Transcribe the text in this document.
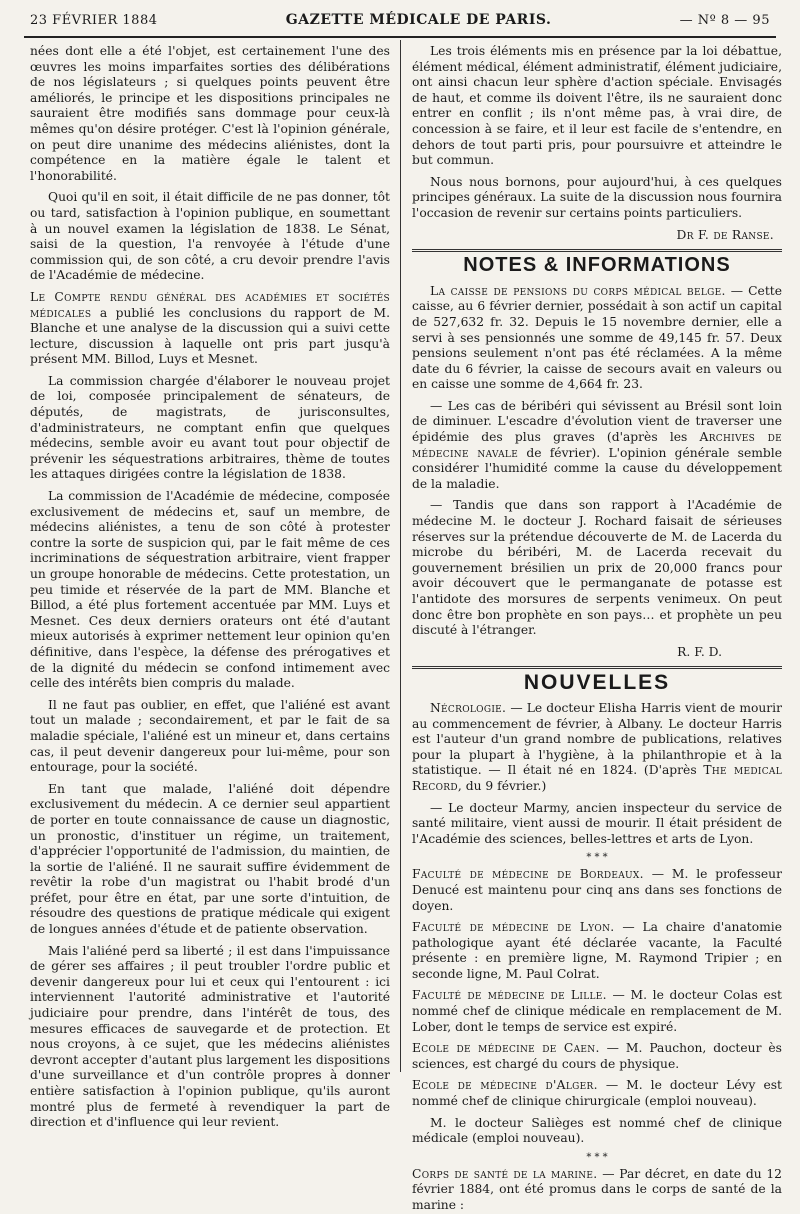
23 FÉVRIER 1884	GAZETTE MÉDICALE DE PARIS.	— Nº 8 — 95

nées dont elle a été l'objet, est certainement l'une des œuvres les moins imparfaites sorties des délibérations de nos législateurs ; si quelques points peuvent être améliorés, le principe et les dispositions principales ne sauraient être modifiés sans dommage pour ceux-là mêmes qu'on désire protéger. C'est là l'opinion générale, on peut dire unanime des médecins aliénistes, dont la compétence en la matière égale le talent et l'honorabilité.

Quoi qu'il en soit, il était difficile de ne pas donner, tôt ou tard, satisfaction à l'opinion publique, en soumettant à un nouvel examen la législation de 1838. Le Sénat, saisi de la question, l'a renvoyée à l'étude d'une commission qui, de son côté, a cru devoir prendre l'avis de l'Académie de médecine.

Le Compte rendu général des académies et sociétés médicales a publié les conclusions du rapport de M. Blanche et une analyse de la discussion qui a suivi cette lecture, discussion à laquelle ont pris part jusqu'à présent MM. Billod, Luys et Mesnet.

La commission chargée d'élaborer le nouveau projet de loi, composée principalement de sénateurs, de députés, de magistrats, de jurisconsultes, d'administrateurs, ne comptant enfin que quelques médecins, semble avoir eu avant tout pour objectif de prévenir les séquestrations arbitraires, thème de toutes les attaques dirigées contre la législation de 1838.

La commission de l'Académie de médecine, composée exclusivement de médecins et, sauf un membre, de médecins aliénistes, a tenu de son côté à protester contre la sorte de suspicion qui, par le fait même de ces incriminations de séquestration arbitraire, vient frapper un groupe honorable de médecins. Cette protestation, un peu timide et réservée de la part de MM. Blanche et Billod, a été plus fortement accentuée par MM. Luys et Mesnet. Ces deux derniers orateurs ont été d'autant mieux autorisés à exprimer nettement leur opinion qu'en définitive, dans l'espèce, la défense des prérogatives et de la dignité du médecin se confond intimement avec celle des intérêts bien compris du malade.

Il ne faut pas oublier, en effet, que l'aliéné est avant tout un malade ; secondairement, et par le fait de sa maladie spéciale, l'aliéné est un mineur et, dans certains cas, il peut devenir dangereux pour lui-même, pour son entourage, pour la société.

En tant que malade, l'aliéné doit dépendre exclusivement du médecin. A ce dernier seul appartient de porter en toute connaissance de cause un diagnostic, un pronostic, d'instituer un régime, un traitement, d'apprécier l'opportunité de l'admission, du maintien, de la sortie de l'aliéné. Il ne saurait suffire évidemment de revêtir la robe d'un magistrat ou l'habit brodé d'un préfet, pour être en état, par une sorte d'intuition, de résoudre des questions de pratique médicale qui exigent de longues années d'étude et de patiente observation.

Mais l'aliéné perd sa liberté ; il est dans l'impuissance de gérer ses affaires ; il peut troubler l'ordre public et devenir dangereux pour lui et ceux qui l'entourent : ici interviennent l'autorité administrative et l'autorité judiciaire pour prendre, dans l'intérêt de tous, des mesures efficaces de sauvegarde et de protection. Et nous croyons, à ce sujet, que les médecins aliénistes devront accepter d'autant plus largement les dispositions d'une surveillance et d'un contrôle propres à donner entière satisfaction à l'opinion publique, qu'ils auront montré plus de fermeté à revendiquer la part de direction et d'influence qui leur revient.

Les trois éléments mis en présence par la loi débattue, élément médical, élément administratif, élément judiciaire, ont ainsi chacun leur sphère d'action spéciale. Envisagés de haut, et comme ils doivent l'être, ils ne sauraient donc entrer en conflit ; ils n'ont même pas, à vrai dire, de concession à se faire, et il leur est facile de s'entendre, en dehors de tout parti pris, pour poursuivre et atteindre le but commun.

Nous nous bornons, pour aujourd'hui, à ces quelques principes généraux. La suite de la discussion nous fournira l'occasion de revenir sur certains points particuliers.

Dr F. de Ranse.
NOTES & INFORMATIONS

La caisse de pensions du corps médical belge. — Cette caisse, au 6 février dernier, possédait à son actif un capital de 527,632 fr. 32. Depuis le 15 novembre dernier, elle a servi à ses pensionnés une somme de 49,145 fr. 57. Deux pensions seulement n'ont pas été réclamées. A la même date du 6 février, la caisse de secours avait en valeurs ou en caisse une somme de 4,664 fr. 23.

— Les cas de béribéri qui sévissent au Brésil sont loin de diminuer. L'escadre d'évolution vient de traverser une épidémie des plus graves (d'après les Archives de médecine navale de février). L'opinion générale semble considérer l'humidité comme la cause du développement de la maladie.

— Tandis que dans son rapport à l'Académie de médecine M. le docteur J. Rochard faisait de sérieuses réserves sur la prétendue découverte de M. de Lacerda du microbe du béribéri, M. de Lacerda recevait du gouvernement brésilien un prix de 20,000 francs pour avoir découvert que le permanganate de potasse est l'antidote des morsures de serpents venimeux. On peut donc être bon prophète en son pays… et prophète un peu discuté à l'étranger.

R. F. D.
NOUVELLES

Nécrologie. — Le docteur Elisha Harris vient de mourir au commencement de février, à Albany. Le docteur Harris est l'auteur d'un grand nombre de publications, relatives pour la plupart à l'hygiène, à la philanthropie et à la statistique. — Il était né en 1824. (D'après The medical Record, du 9 février.)

— Le docteur Marmy, ancien inspecteur du service de santé militaire, vient aussi de mourir. Il était président de l'Académie des sciences, belles-lettres et arts de Lyon.

* * *

Faculté de médecine de Bordeaux. — M. le professeur Denucé est maintenu pour cinq ans dans ses fonctions de doyen.

Faculté de médecine de Lyon. — La chaire d'anatomie pathologique ayant été déclarée vacante, la Faculté présente : en première ligne, M. Raymond Tripier ; en seconde ligne, M. Paul Colrat.

Faculté de médecine de Lille. — M. le docteur Colas est nommé chef de clinique médicale en remplacement de M. Lober, dont le temps de service est expiré.

Ecole de médecine de Caen. — M. Pauchon, docteur ès sciences, est chargé du cours de physique.

Ecole de médecine d'Alger. — M. le docteur Lévy est nommé chef de clinique chirurgicale (emploi nouveau).

M. le docteur Salièges est nommé chef de clinique médicale (emploi nouveau).

* * *

Corps de santé de la marine. — Par décret, en date du 12 février 1884, ont été promus dans le corps de santé de la marine :
